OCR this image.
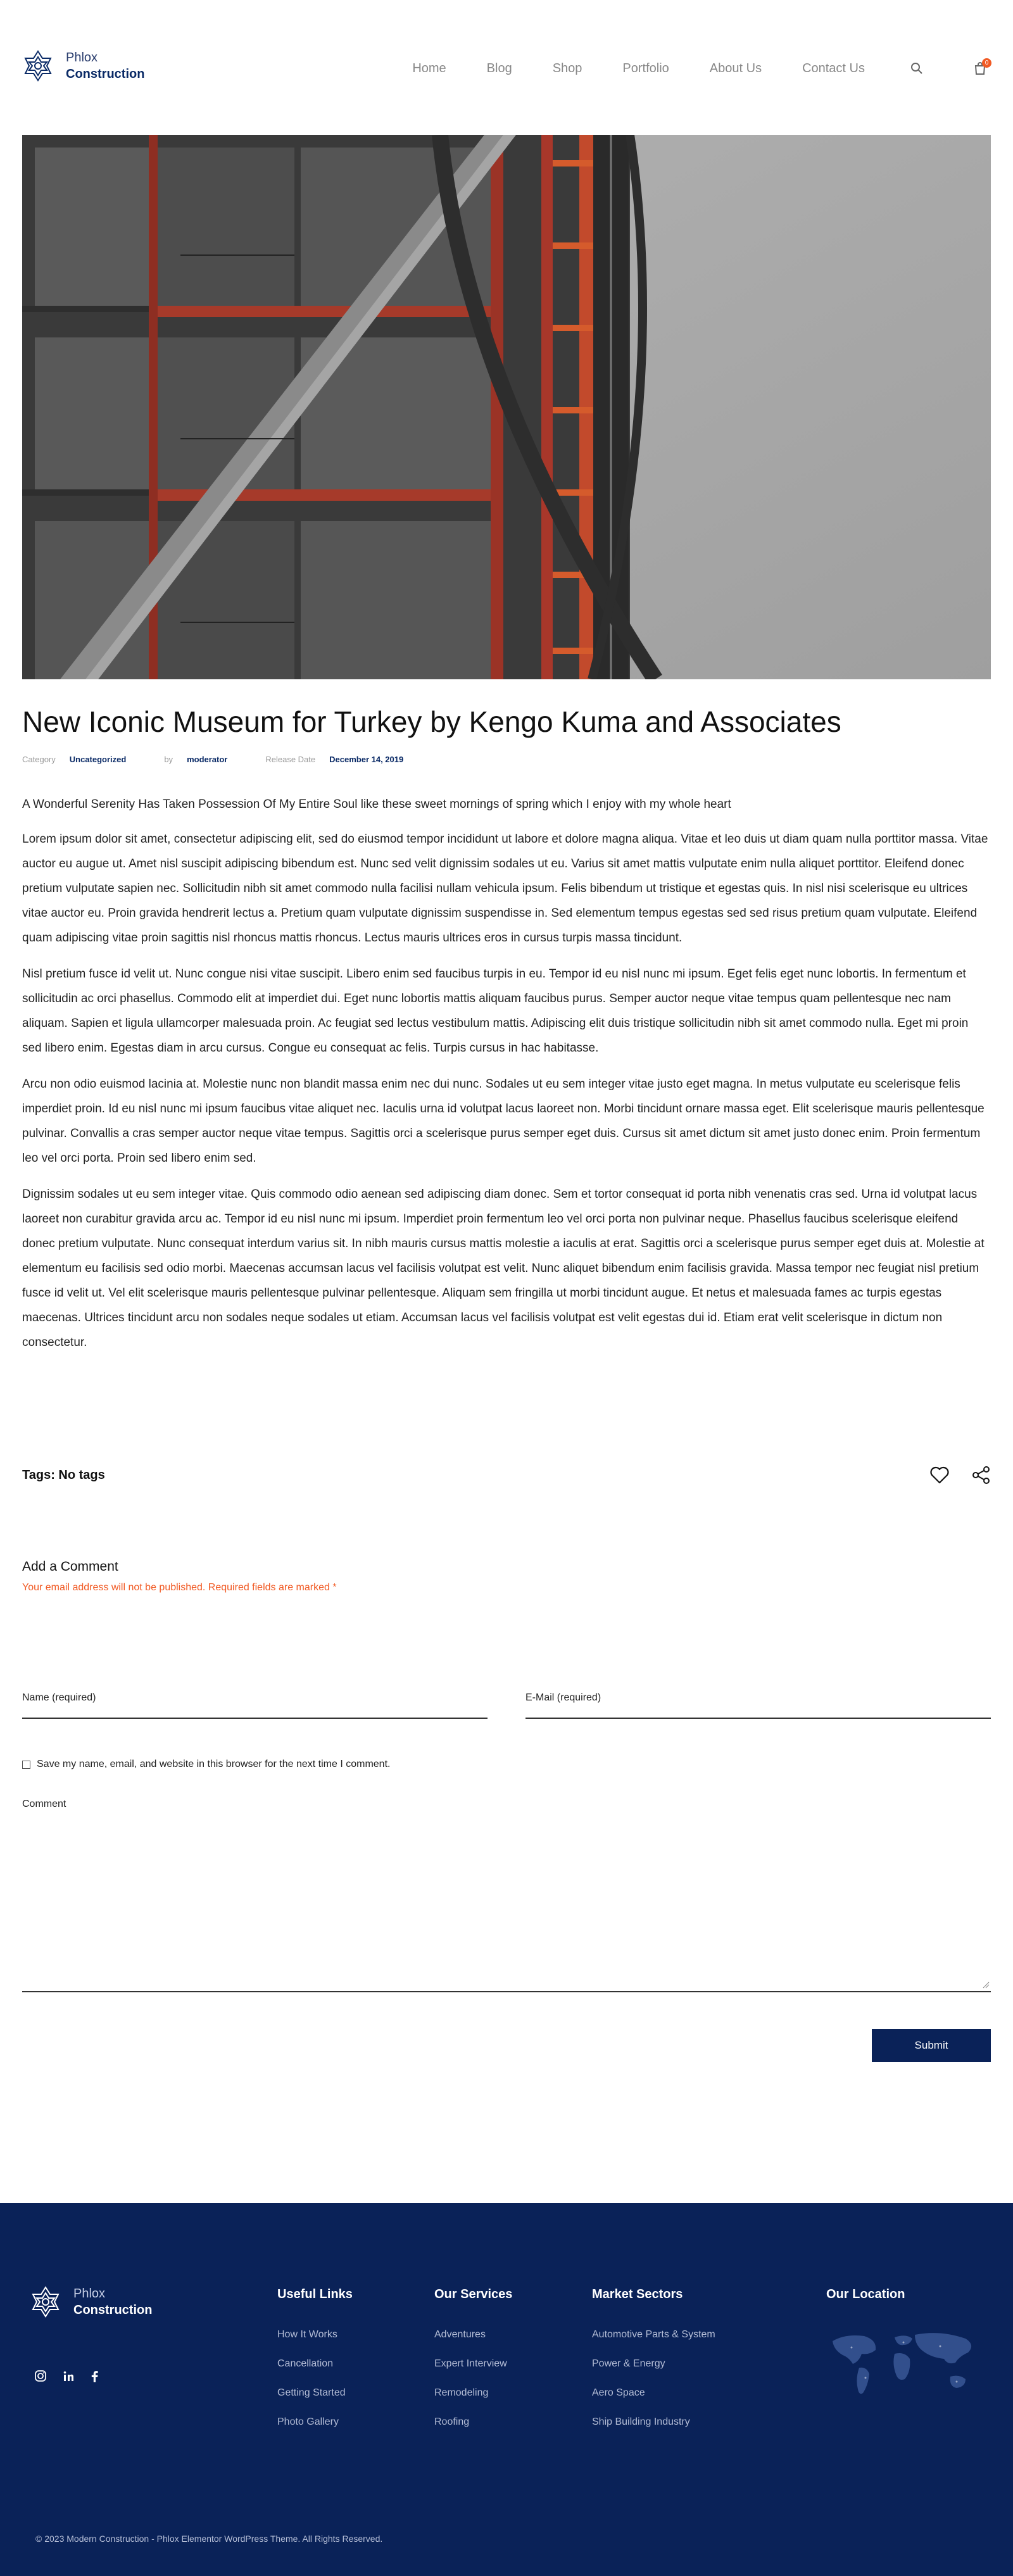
Phlox
Construction	Home	Blog	Shop	Portfolio	About Us	Contact Us	0
New Iconic Museum for Turkey by Kengo Kuma and Associates
Category Uncategorized	by moderator	Release Date December 14, 2019

A Wonderful Serenity Has Taken Possession Of My Entire Soul like these sweet mornings of spring which I enjoy with my whole heart

Lorem ipsum dolor sit amet, consectetur adipiscing elit, sed do eiusmod tempor incididunt ut labore et dolore magna aliqua. Vitae et leo duis ut diam quam nulla porttitor massa. Vitae auctor eu augue ut. Amet nisl suscipit adipiscing bibendum est. Nunc sed velit dignissim sodales ut eu. Varius sit amet mattis vulputate enim nulla aliquet porttitor. Eleifend donec pretium vulputate sapien nec. Sollicitudin nibh sit amet commodo nulla facilisi nullam vehicula ipsum. Felis bibendum ut tristique et egestas quis. In nisl nisi scelerisque eu ultrices vitae auctor eu. Proin gravida hendrerit lectus a. Pretium quam vulputate dignissim suspendisse in. Sed elementum tempus egestas sed sed risus pretium quam vulputate. Eleifend quam adipiscing vitae proin sagittis nisl rhoncus mattis rhoncus. Lectus mauris ultrices eros in cursus turpis massa tincidunt.

Nisl pretium fusce id velit ut. Nunc congue nisi vitae suscipit. Libero enim sed faucibus turpis in eu. Tempor id eu nisl nunc mi ipsum. Eget felis eget nunc lobortis. In fermentum et sollicitudin ac orci phasellus. Commodo elit at imperdiet dui. Eget nunc lobortis mattis aliquam faucibus purus. Semper auctor neque vitae tempus quam pellentesque nec nam aliquam. Sapien et ligula ullamcorper malesuada proin. Ac feugiat sed lectus vestibulum mattis. Adipiscing elit duis tristique sollicitudin nibh sit amet commodo nulla. Eget mi proin sed libero enim. Egestas diam in arcu cursus. Congue eu consequat ac felis. Turpis cursus in hac habitasse.

Arcu non odio euismod lacinia at. Molestie nunc non blandit massa enim nec dui nunc. Sodales ut eu sem integer vitae justo eget magna. In metus vulputate eu scelerisque felis imperdiet proin. Id eu nisl nunc mi ipsum faucibus vitae aliquet nec. Iaculis urna id volutpat lacus laoreet non. Morbi tincidunt ornare massa eget. Elit scelerisque mauris pellentesque pulvinar. Convallis a cras semper auctor neque vitae tempus. Sagittis orci a scelerisque purus semper eget duis. Cursus sit amet dictum sit amet justo donec enim. Proin fermentum leo vel orci porta. Proin sed libero enim sed.

Dignissim sodales ut eu sem integer vitae. Quis commodo odio aenean sed adipiscing diam donec. Sem et tortor consequat id porta nibh venenatis cras sed. Urna id volutpat lacus laoreet non curabitur gravida arcu ac. Tempor id eu nisl nunc mi ipsum. Imperdiet proin fermentum leo vel orci porta non pulvinar neque. Phasellus faucibus scelerisque eleifend donec pretium vulputate. Nunc consequat interdum varius sit. In nibh mauris cursus mattis molestie a iaculis at erat. Sagittis orci a scelerisque purus semper eget duis at. Molestie at elementum eu facilisis sed odio morbi. Maecenas accumsan lacus vel facilisis volutpat est velit. Nunc aliquet bibendum enim facilisis gravida. Massa tempor nec feugiat nisl pretium fusce id velit ut. Vel elit scelerisque mauris pellentesque pulvinar pellentesque. Aliquam sem fringilla ut morbi tincidunt augue. Et netus et malesuada fames ac turpis egestas maecenas. Ultrices tincidunt arcu non sodales neque sodales ut etiam. Accumsan lacus vel facilisis volutpat est velit egestas dui id. Etiam erat velit scelerisque in dictum non consectetur.

Tags: No tags
Add a Comment

Your email address will not be published. Required fields are marked *

Name (required)	E-Mail (required)
Save my name, email, and website in this browser for the next time I comment.
Comment
Submit
Phlox
Construction
Useful Links
How It Works
Cancellation
Getting Started
Photo Gallery
Our Services
Adventures
Expert Interview
Remodeling
Roofing
Market Sectors
Automotive Parts & System
Power & Energy
Aero Space
Ship Building Industry
Our Location
© 2023 Modern Construction - Phlox Elementor WordPress Theme. All Rights Reserved.
